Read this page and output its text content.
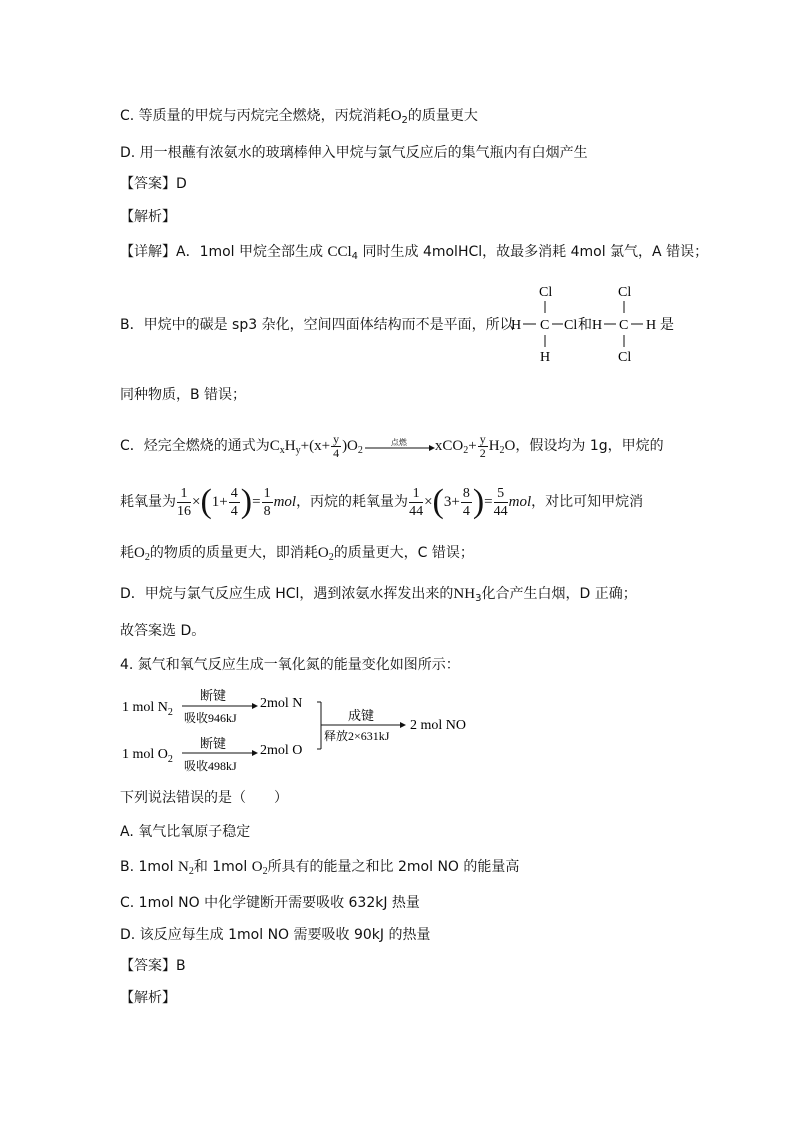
C. 等质量的甲烷与丙烷完全燃烧，丙烷消耗$O_2$的质量更大
D. 用一根蘸有浓氨水的玻璃棒伸入甲烷与氯气反应后的集气瓶内有白烟产生
【答案】D
【解析】
【详解】A．1mol 甲烷全部生成 CCl$_4$ 同时生成 4molHCl，故最多消耗 4mol 氯气，A 错误；
B．甲烷中的碳是 sp3 杂化，空间四面体结构而不是平面，所以
Cl
H C Cl
H
和
Cl
H C H
Cl
是
同种物质，B 错误；
C．烃完全燃烧的通式为 $C_xH_y+(x+ \frac{y}{4} )O_2$
点燃	$xCO_2+ \frac{y}{2} H_2O$ ，假设均为 1g，甲烷的
耗氧量为 $\frac{1}{16}$ × ( $1+ \frac{4}{4}$ ) = $\frac{1}{8}$ mol ，丙烷的耗氧量为 $\frac{1}{44}$ × ( $3+ \frac{8}{4}$ ) = $\frac{5}{44}$ mol ，对比可知甲烷消
耗$O_2$的物质的质量更大，即消耗$O_2$的质量更大，C 错误；
D．甲烷与氯气反应生成 HCl，遇到浓氨水挥发出来的$NH_3$化合产生白烟，D 正确；
故答案选 D。
4. 氮气和氧气反应生成一氧化氮的能量变化如图所示：
1 mol $N_2$
断键
吸收946kJ
2mol N
1 mol $O_2$
断键
吸收498kJ
2mol O
成键
释放2×631kJ
2 mol NO
下列说法错误的是（　　）
A. 氧气比氧原子稳定
B. 1mol $N_2$和 1mol $O_2$所具有的能量之和比 2mol NO 的能量高
C. 1mol NO 中化学键断开需要吸收 632kJ 热量
D. 该反应每生成 1mol NO 需要吸收 90kJ 的热量
【答案】B
【解析】
